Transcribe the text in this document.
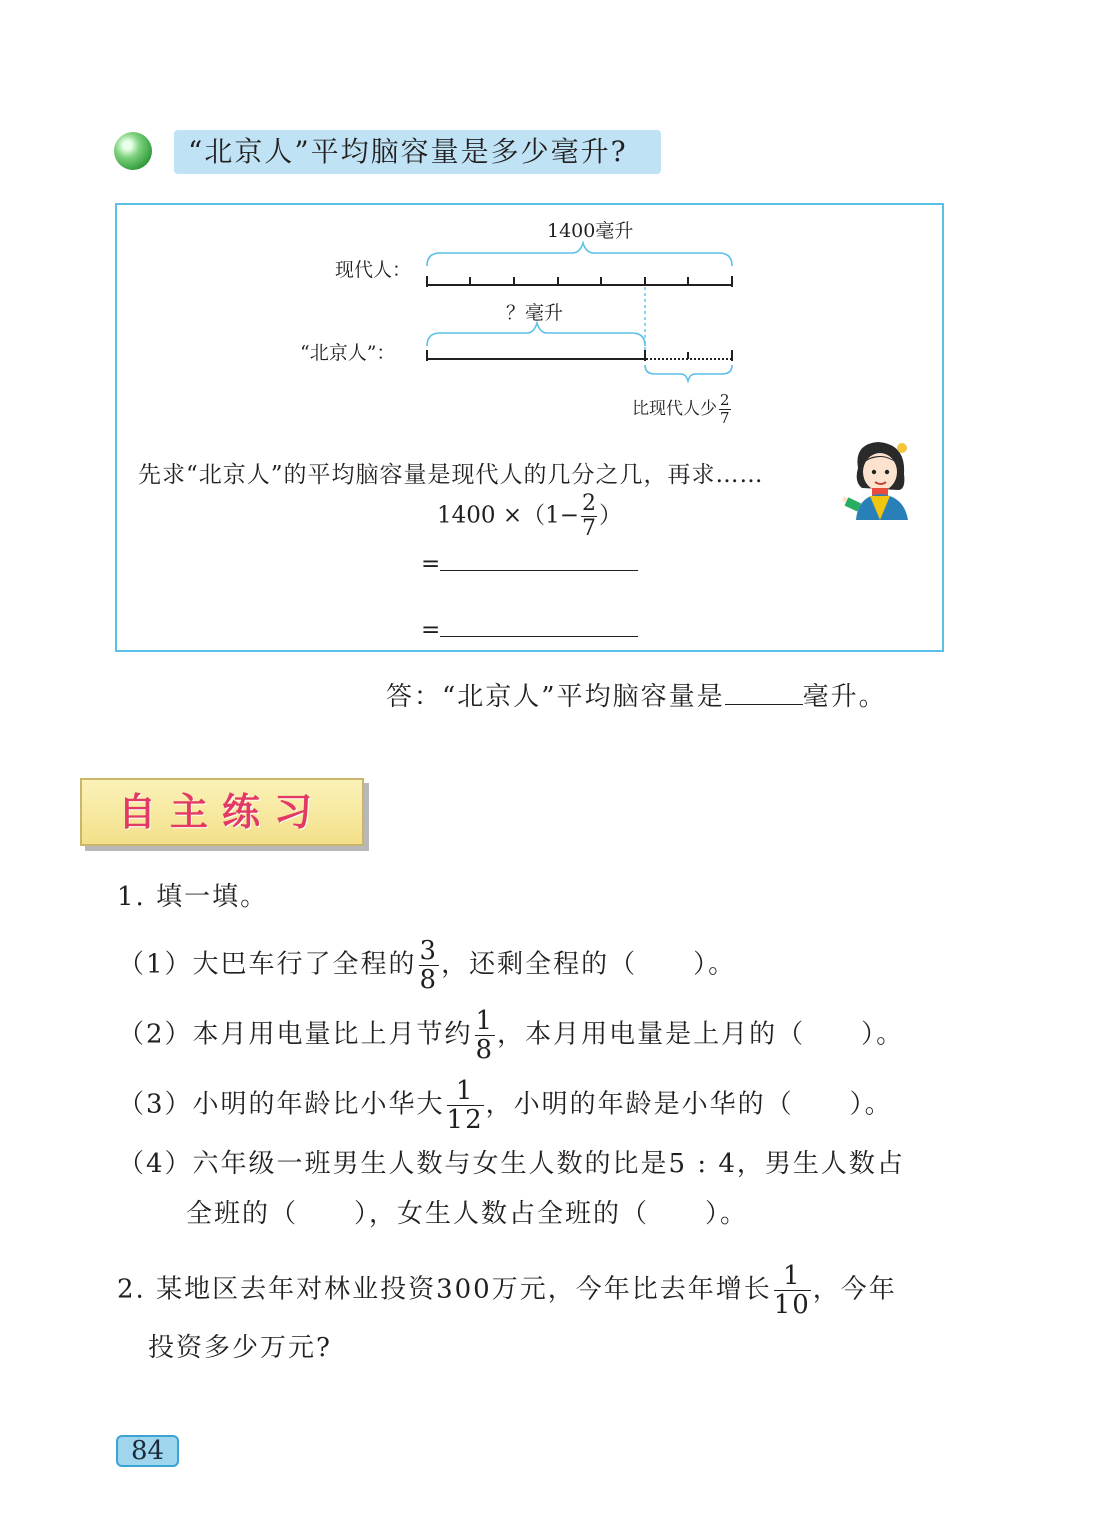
“北京人”平均脑容量是多少毫升?
1400毫升
现代人：
？毫升
“北京人”：
比现代人少 $\frac{2}{7}$
先求“北京人”的平均脑容量是现代人的几分之几，再求……
$1400 \times(1- \frac{2}{7}$ ）
=
=
答：“北京人”平均脑容量是	毫升。
自主练习
1. 填一填。
（1）大巴车行了全程的 $\frac{3}{8}$ ，还剩全程的（　　）。
（2）本月用电量比上月节约 $\frac{1}{8}$ ，本月用电量是上月的（　　）。
（3）小明的年龄比小华大 $\frac{1}{12}$ ，小明的年龄是小华的（　　）。
（4）六年级一班男生人数与女生人数的比是5 : 4，男生人数占
全班的（　　），女生人数占全班的（　　）。
2. 某地区去年对林业投资300万元，今年比去年增长 $\frac{1}{10}$ ，今年
投资多少万元?
84
